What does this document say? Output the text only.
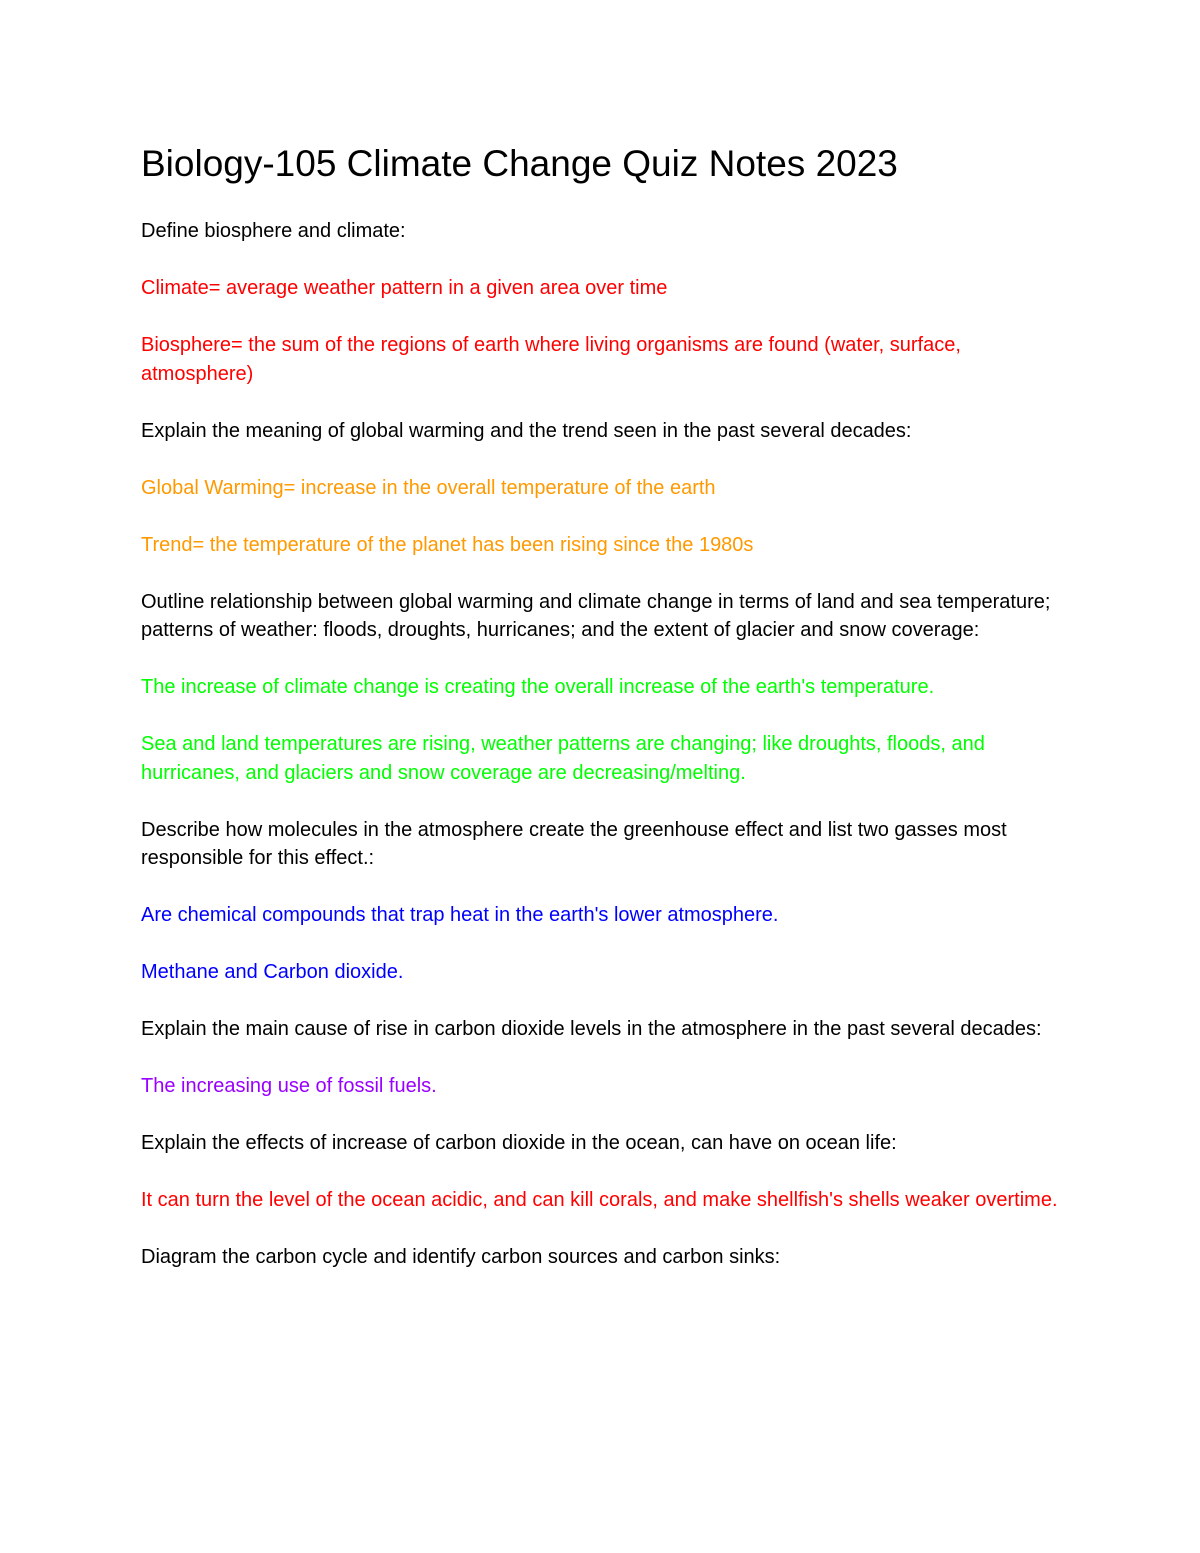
Biology-105 Climate Change Quiz Notes 2023

Define biosphere and climate:

Climate= average weather pattern in a given area over time

Biosphere= the sum of the regions of earth where living organisms are found (water, surface, atmosphere)

Explain the meaning of global warming and the trend seen in the past several decades:

Global Warming= increase in the overall temperature of the earth

Trend= the temperature of the planet has been rising since the 1980s

Outline relationship between global warming and climate change in terms of land and sea temperature; patterns of weather: floods, droughts, hurricanes; and the extent of glacier and snow coverage:

The increase of climate change is creating the overall increase of the earth's temperature.

Sea and land temperatures are rising, weather patterns are changing; like droughts, floods, and hurricanes, and glaciers and snow coverage are decreasing/melting.

Describe how molecules in the atmosphere create the greenhouse effect and list two gasses most responsible for this effect.:

Are chemical compounds that trap heat in the earth's lower atmosphere.

Methane and Carbon dioxide.

Explain the main cause of rise in carbon dioxide levels in the atmosphere in the past several decades:

The increasing use of fossil fuels.

Explain the effects of increase of carbon dioxide in the ocean, can have on ocean life:

It can turn the level of the ocean acidic, and can kill corals, and make shellfish's shells weaker overtime.

Diagram the carbon cycle and identify carbon sources and carbon sinks:
